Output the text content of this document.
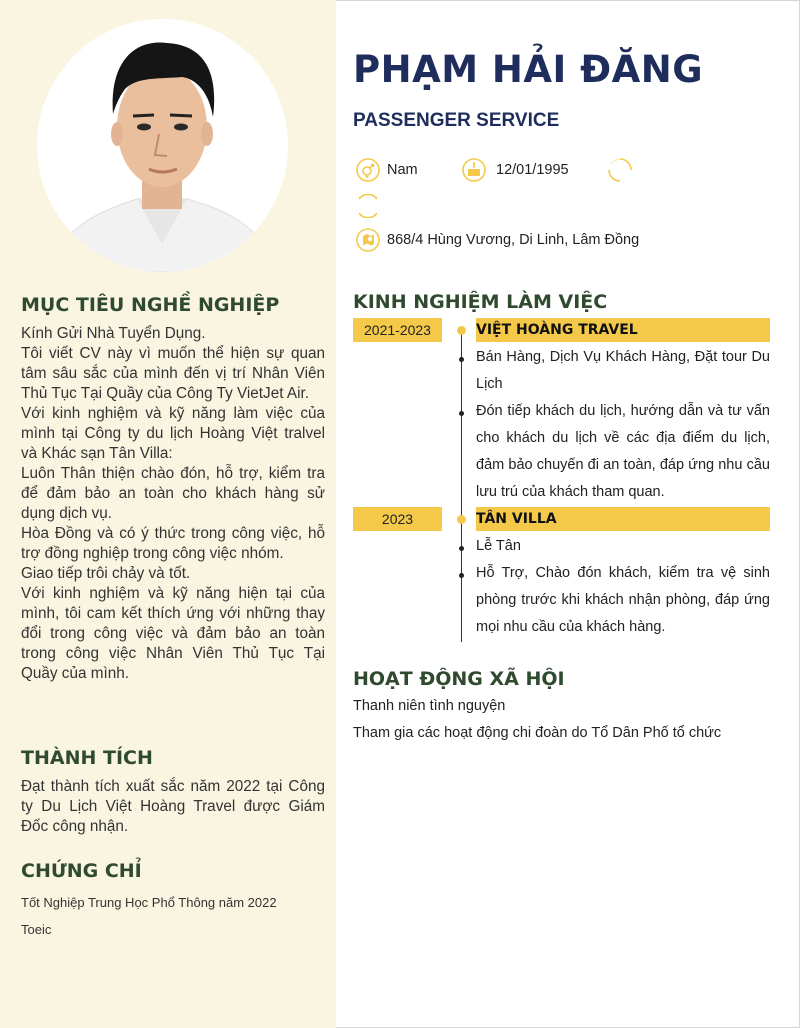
MỤC TIÊU NGHỀ NGHIỆP
Kính Gửi Nhà Tuyển Dụng.
Tôi viết CV này vì muốn thể hiện sự quan tâm sâu sắc của mình đến vị trí Nhân Viên Thủ Tục Tại Quầy của Công Ty VietJet Air.
Với kinh nghiệm và kỹ năng làm việc của mình tại Công ty du lịch Hoàng Việt tralvel và Khác sạn Tân Villa:
Luôn Thân thiện chào đón, hỗ trợ, kiểm tra để đảm bảo an toàn cho khách hàng sử dụng dịch vụ.
Hòa Đồng và có ý thức trong công việc, hỗ trợ đồng nghiệp trong công việc nhóm.
Giao tiếp trôi chảy và tốt.
Với kinh nghiệm và kỹ năng hiện tại của mình, tôi cam kết thích ứng với những thay đổi trong công việc và đảm bảo an toàn trong công việc Nhân Viên Thủ Tục Tại Quầy của mình.
THÀNH TÍCH
Đạt thành tích xuất sắc năm 2022 tại Công ty Du Lịch Việt Hoàng Travel được Giám Đốc công nhận.
CHỨNG CHỈ
Tốt Nghiệp Trung Học Phổ Thông năm 2022
Toeic
PHẠM HẢI ĐĂNG
PASSENGER SERVICE
Nam	12/01/1995
868/4 Hùng Vương, Di Linh, Lâm Đồng
KINH NGHIỆM LÀM VIỆC
2021-2023	VIỆT HOÀNG TRAVEL
Bán Hàng, Dịch Vụ Khách Hàng, Đặt tour Du Lịch
Đón tiếp khách du lịch, hướng dẫn và tư vấn cho khách du lịch về các địa điểm du lịch, đảm bảo chuyến đi an toàn, đáp ứng nhu cầu lưu trú của khách tham quan.
2023	TÂN VILLA
Lễ Tân
Hỗ Trợ, Chào đón khách, kiểm tra vệ sinh phòng trước khi khách nhận phòng, đáp ứng mọi nhu cầu của khách hàng.
HOẠT ĐỘNG XÃ HỘI
Thanh niên tình nguyện
Tham gia các hoạt động chi đoàn do Tổ Dân Phố tổ chức
